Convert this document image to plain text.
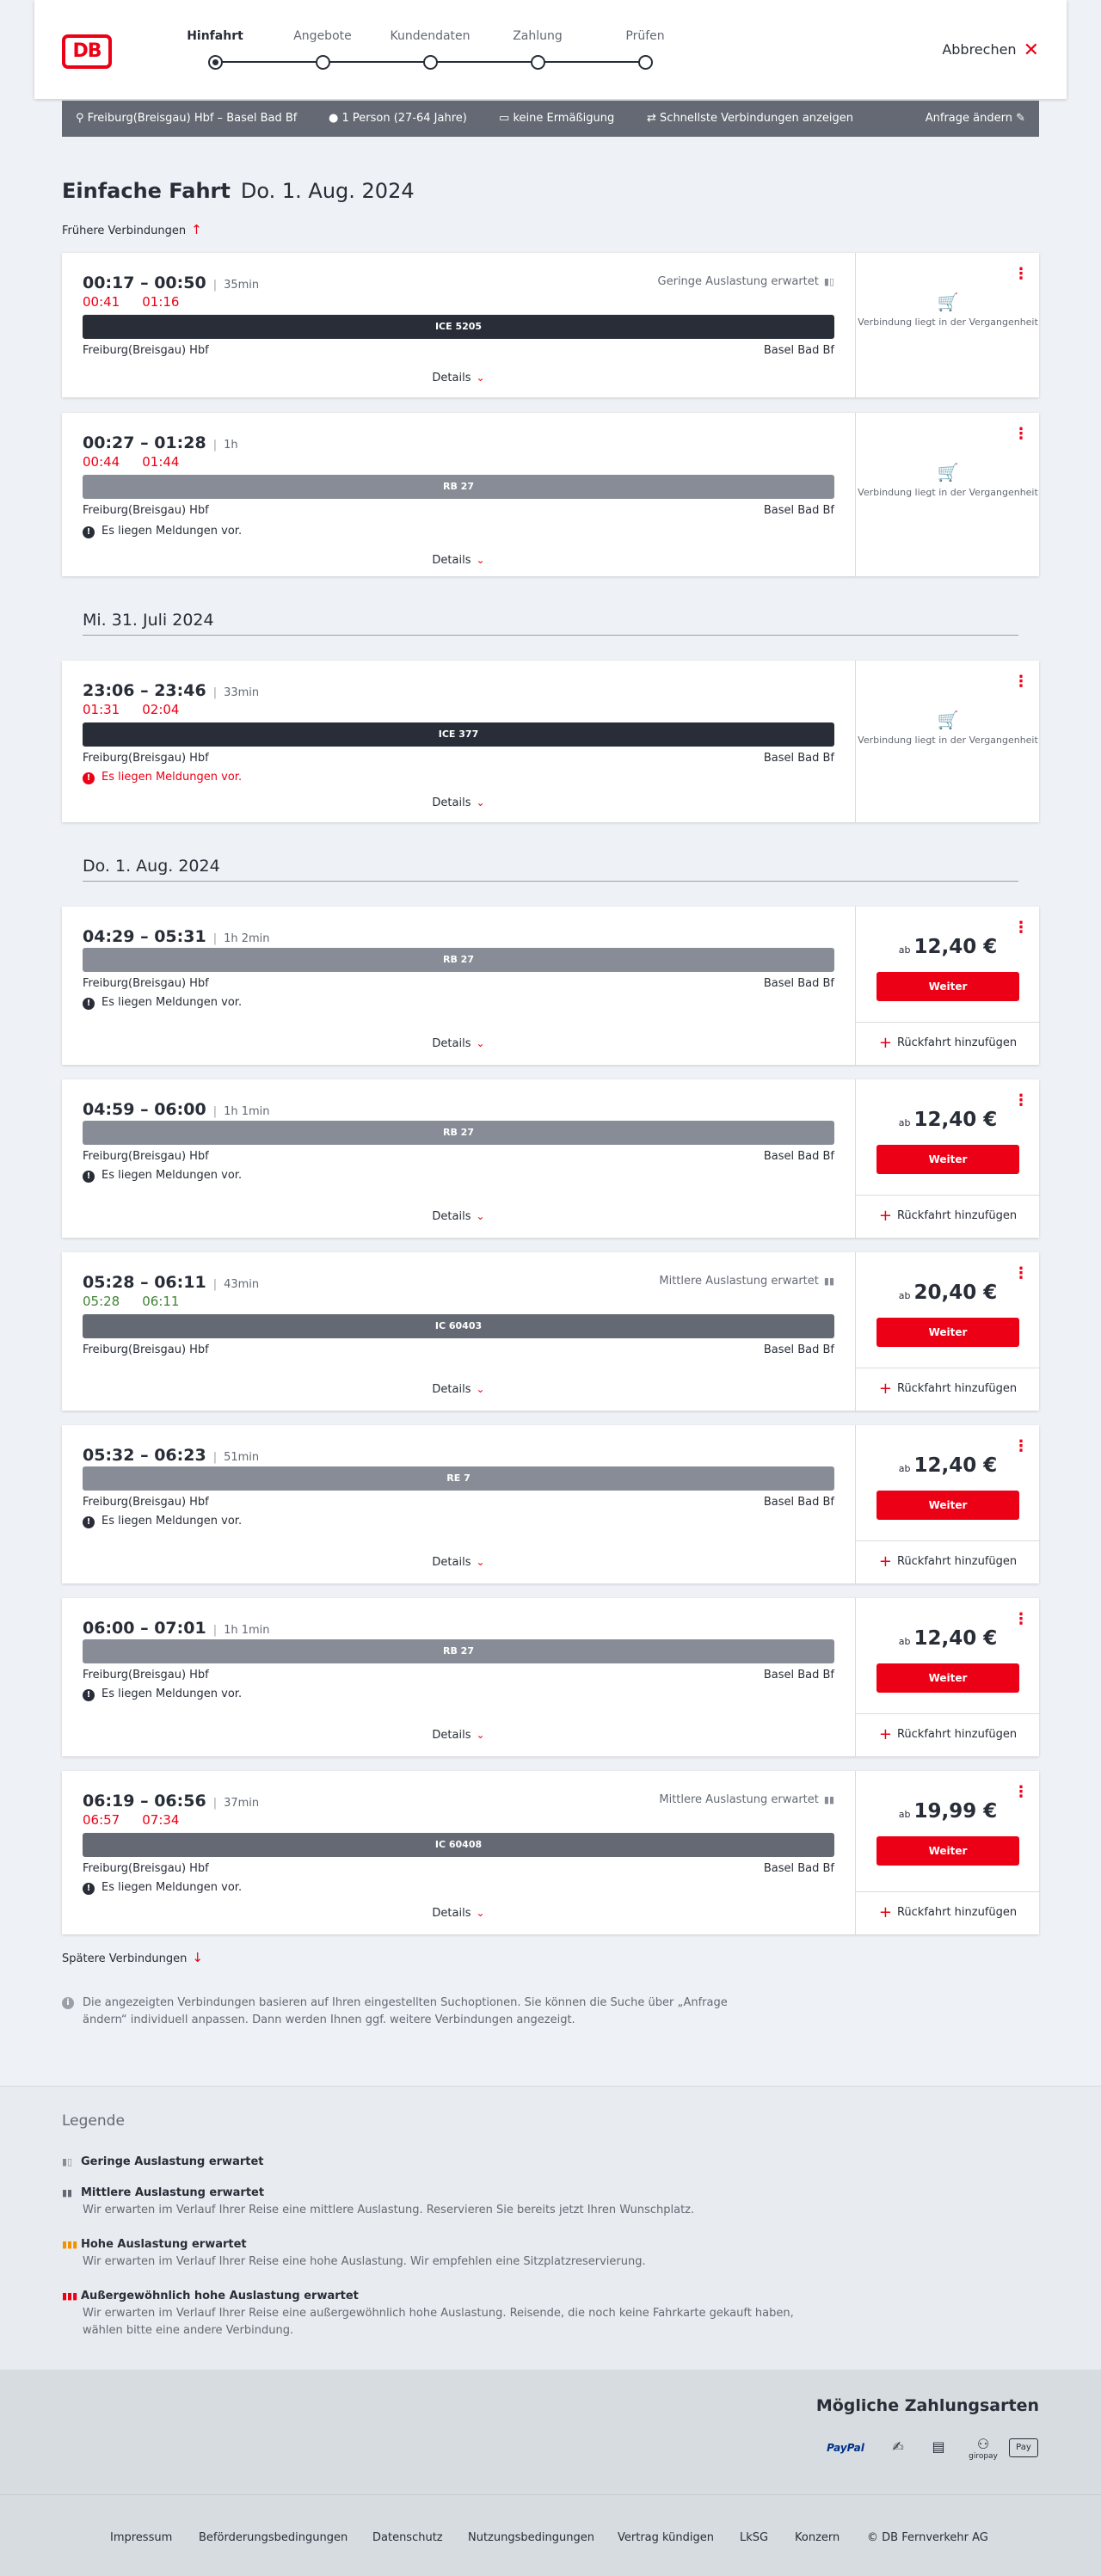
DB
Hinfahrt	Angebote	Kundendaten	Zahlung	Prüfen
Abbrechen ✕
⚲ Freiburg(Breisgau) Hbf – Basel Bad Bf	● 1 Person (27-64 Jahre)	▭ keine Ermäßigung	⇄ Schnellste Verbindungen anzeigen	Anfrage ändern ✎
Einfache Fahrt Do. 1. Aug. 2024
Frühere Verbindungen ↑
00:17 – 00:50 | 35min
00:41 01:16
Geringe Auslastung erwartet ▮▯
ICE 5205
Freiburg(Breisgau) Hbf	Basel Bad Bf
Details ⌄
⋮
🛒
Verbindung liegt in der Vergangenheit
00:27 – 01:28 | 1h
00:44 01:44
RB 27
Freiburg(Breisgau) Hbf	Basel Bad Bf
! Es liegen Meldungen vor.
Details ⌄
⋮
🛒
Verbindung liegt in der Vergangenheit
Mi. 31. Juli 2024
23:06 – 23:46 | 33min
01:31 02:04
ICE 377
Freiburg(Breisgau) Hbf	Basel Bad Bf
! Es liegen Meldungen vor.
Details ⌄
⋮
🛒
Verbindung liegt in der Vergangenheit
Do. 1. Aug. 2024
04:29 – 05:31 | 1h 2min
RB 27
Freiburg(Breisgau) Hbf	Basel Bad Bf
! Es liegen Meldungen vor.
Details ⌄
⋮
ab 12,40 €
Weiter
+ Rückfahrt hinzufügen
04:59 – 06:00 | 1h 1min
RB 27
Freiburg(Breisgau) Hbf	Basel Bad Bf
! Es liegen Meldungen vor.
Details ⌄
⋮
ab 12,40 €
Weiter
+ Rückfahrt hinzufügen
05:28 – 06:11 | 43min
05:28 06:11
Mittlere Auslastung erwartet ▮▮
IC 60403
Freiburg(Breisgau) Hbf	Basel Bad Bf
Details ⌄
⋮
ab 20,40 €
Weiter
+ Rückfahrt hinzufügen
05:32 – 06:23 | 51min
RE 7
Freiburg(Breisgau) Hbf	Basel Bad Bf
! Es liegen Meldungen vor.
Details ⌄
⋮
ab 12,40 €
Weiter
+ Rückfahrt hinzufügen
06:00 – 07:01 | 1h 1min
RB 27
Freiburg(Breisgau) Hbf	Basel Bad Bf
! Es liegen Meldungen vor.
Details ⌄
⋮
ab 12,40 €
Weiter
+ Rückfahrt hinzufügen
06:19 – 06:56 | 37min
06:57 07:34
Mittlere Auslastung erwartet ▮▮
IC 60408
Freiburg(Breisgau) Hbf	Basel Bad Bf
! Es liegen Meldungen vor.
Details ⌄
⋮
ab 19,99 €
Weiter
+ Rückfahrt hinzufügen
Spätere Verbindungen ↓
i	Die angezeigten Verbindungen basieren auf Ihren eingestellten Suchoptionen. Sie können die Suche über „Anfrage ändern“ individuell anpassen. Dann werden Ihnen ggf. weitere Verbindungen angezeigt.
Legende
▮▯ Geringe Auslastung erwartet
▮▮ Mittlere Auslastung erwartet
Wir erwarten im Verlauf Ihrer Reise eine mittlere Auslastung. Reservieren Sie bereits jetzt Ihren Wunschplatz.
▮▮▮ Hohe Auslastung erwartet
Wir erwarten im Verlauf Ihrer Reise eine hohe Auslastung. Wir empfehlen eine Sitzplatzreservierung.
▮▮▮ Außergewöhnlich hohe Auslastung erwartet
Wir erwarten im Verlauf Ihrer Reise eine außergewöhnlich hohe Auslastung. Reisende, die noch keine Fahrkarte gekauft haben, wählen bitte eine andere Verbindung.
Mögliche Zahlungsarten
PayPal	✍	▤	⚇
giropay
Pay
Impressum Beförderungsbedingungen Datenschutz Nutzungsbedingungen Vertrag kündigen LkSG Konzern © DB Fernverkehr AG
